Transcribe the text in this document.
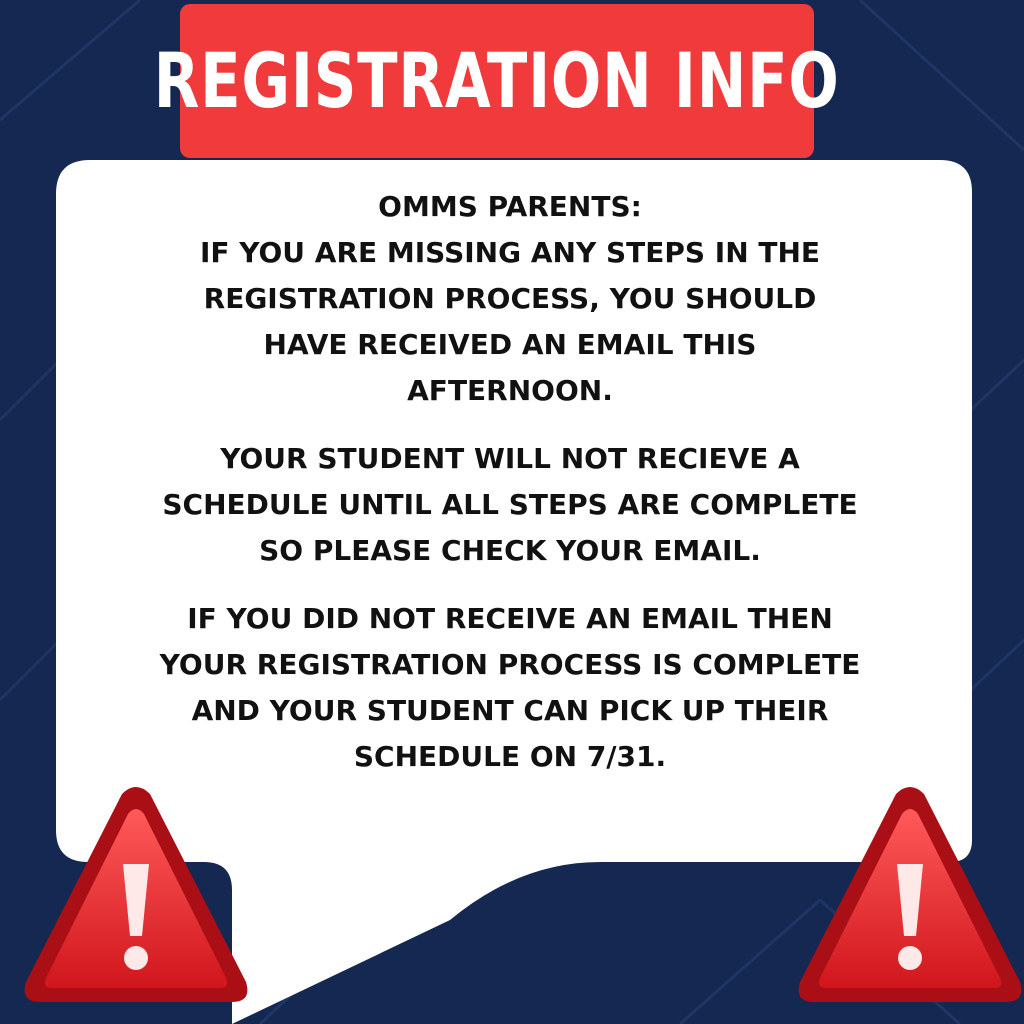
REGISTRATION INFO

OMMS PARENTS:
IF YOU ARE MISSING ANY STEPS IN THE
REGISTRATION PROCESS, YOU SHOULD
HAVE RECEIVED AN EMAIL THIS
AFTERNOON.

YOUR STUDENT WILL NOT RECIEVE A
SCHEDULE UNTIL ALL STEPS ARE COMPLETE
SO PLEASE CHECK YOUR EMAIL.

IF YOU DID NOT RECEIVE AN EMAIL THEN
YOUR REGISTRATION PROCESS IS COMPLETE
AND YOUR STUDENT CAN PICK UP THEIR
SCHEDULE ON 7/31.
